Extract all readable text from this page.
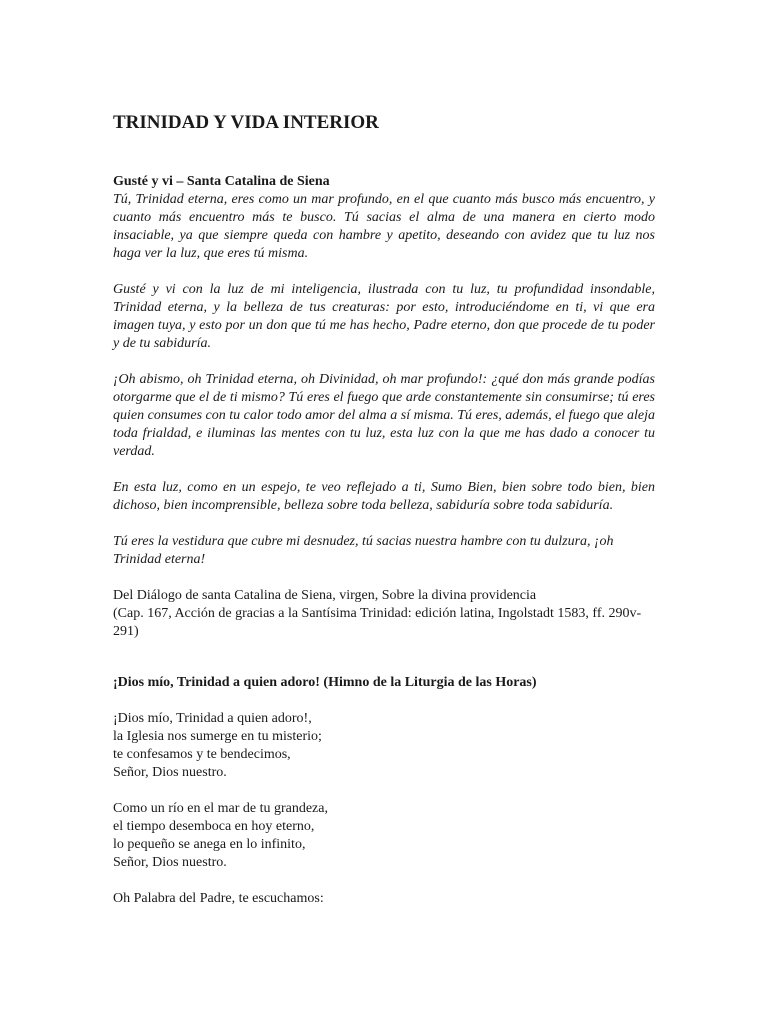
TRINIDAD Y VIDA INTERIOR
Gusté y vi – Santa Catalina de Siena

Tú, Trinidad eterna, eres como un mar profundo, en el que cuanto más busco más encuentro, y cuanto más encuentro más te busco. Tú sacias el alma de una manera en cierto modo insaciable, ya que siempre queda con hambre y apetito, deseando con avidez que tu luz nos haga ver la luz, que eres tú misma.

Gusté y vi con la luz de mi inteligencia, ilustrada con tu luz, tu profundidad insondable, Trinidad eterna, y la belleza de tus creaturas: por esto, introduciéndome en ti, vi que era imagen tuya, y esto por un don que tú me has hecho, Padre eterno, don que procede de tu poder y de tu sabiduría.

¡Oh abismo, oh Trinidad eterna, oh Divinidad, oh mar profundo!: ¿qué don más grande podías otorgarme que el de ti mismo? Tú eres el fuego que arde constantemente sin consumirse; tú eres quien consumes con tu calor todo amor del alma a sí misma. Tú eres, además, el fuego que aleja toda frialdad, e iluminas las mentes con tu luz, esta luz con la que me has dado a conocer tu verdad.

En esta luz, como en un espejo, te veo reflejado a ti, Sumo Bien, bien sobre todo bien, bien dichoso, bien incomprensible, belleza sobre toda belleza, sabiduría sobre toda sabiduría.

Tú eres la vestidura que cubre mi desnudez, tú sacias nuestra hambre con tu dulzura, ¡oh Trinidad eterna!

Del Diálogo de santa Catalina de Siena, virgen, Sobre la divina providencia
(Cap. 167, Acción de gracias a la Santísima Trinidad: edición latina, Ingolstadt 1583, ff. 290v-291)

¡Dios mío, Trinidad a quien adoro! (Himno de la Liturgia de las Horas)

¡Dios mío, Trinidad a quien adoro!,
la Iglesia nos sumerge en tu misterio;
te confesamos y te bendecimos,
Señor, Dios nuestro.

Como un río en el mar de tu grandeza,
el tiempo desemboca en hoy eterno,
lo pequeño se anega en lo infinito,
Señor, Dios nuestro.

Oh Palabra del Padre, te escuchamos:
